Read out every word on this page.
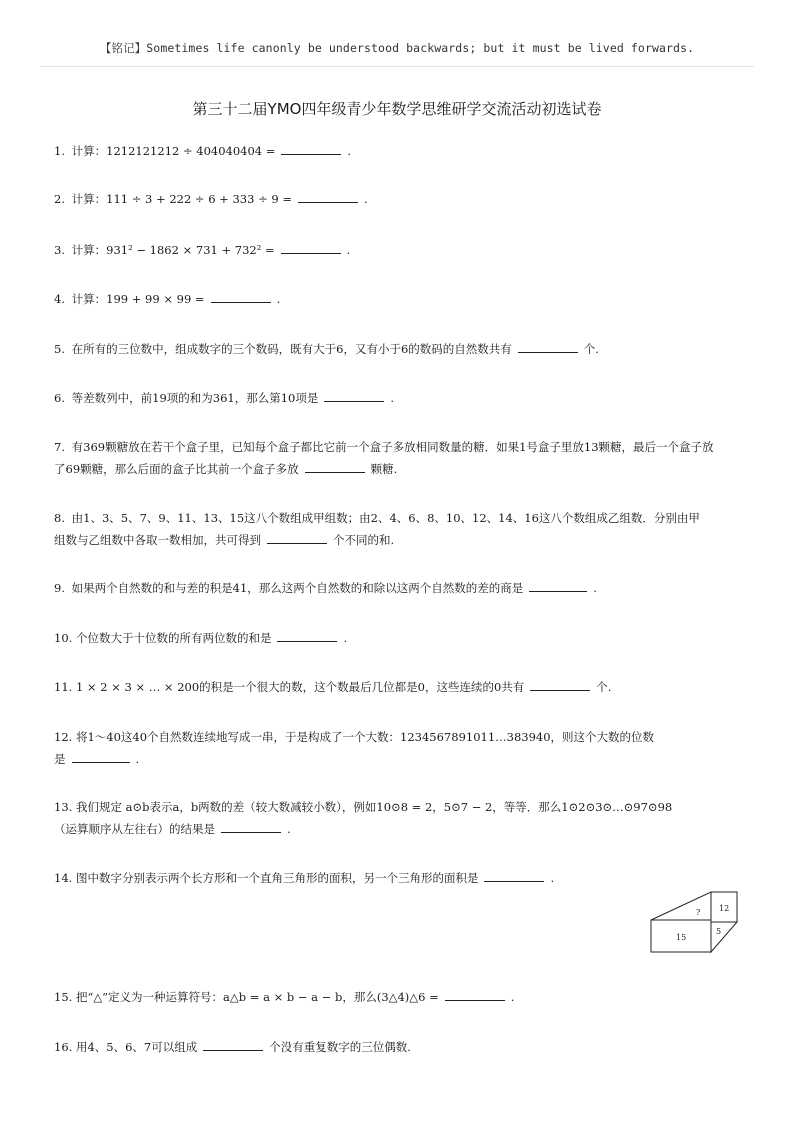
【铭记】Sometimes life canonly be understood backwards; but it must be lived forwards.
第三十二届YMO四年级青少年数学思维研学交流活动初选试卷
1. 计算：1212121212 ÷ 404040404 =	.
2. 计算：111 ÷ 3 + 222 ÷ 6 + 333 ÷ 9 =	.
3. 计算：931² − 1862 × 731 + 732² =	.
4. 计算：199 + 99 × 99 =	.
5. 在所有的三位数中，组成数字的三个数码，既有大于6，又有小于6的数码的自然数共有	个.
6. 等差数列中，前19项的和为361，那么第10项是	.
7. 有369颗糖放在若干个盒子里，已知每个盒子都比它前一个盒子多放相同数量的糖．如果1号盒子里放13颗糖，最后一个盒子放
了69颗糖，那么后面的盒子比其前一个盒子多放	颗糖.
8. 由1、3、5、7、9、11、13、15这八个数组成甲组数；由2、4、6、8、10、12、14、16这八个数组成乙组数．分别由甲
组数与乙组数中各取一数相加，共可得到	个不同的和.
9. 如果两个自然数的和与差的积是41，那么这两个自然数的和除以这两个自然数的差的商是	.
10. 个位数大于十位数的所有两位数的和是	.
11. 1 × 2 × 3 × … × 200的积是一个很大的数，这个数最后几位都是0，这些连续的0共有	个.
12. 将1～40这40个自然数连续地写成一串，于是构成了一个大数：1234567891011…383940，则这个大数的位数
是	.
13. 我们规定 a⊙b表示a，b两数的差（较大数减较小数），例如10⊙8 = 2，5⊙7 − 2，等等．那么1⊙2⊙3⊙…⊙97⊙98
（运算顺序从左往右）的结果是	.
14. 图中数字分别表示两个长方形和一个直角三角形的面积，另一个三角形的面积是	.
? 12
5
15
15. 把“△”定义为一种运算符号：a△b = a × b − a − b，那么(3△4)△6 =	.
16. 用4、5、6、7可以组成	个没有重复数字的三位偶数.
